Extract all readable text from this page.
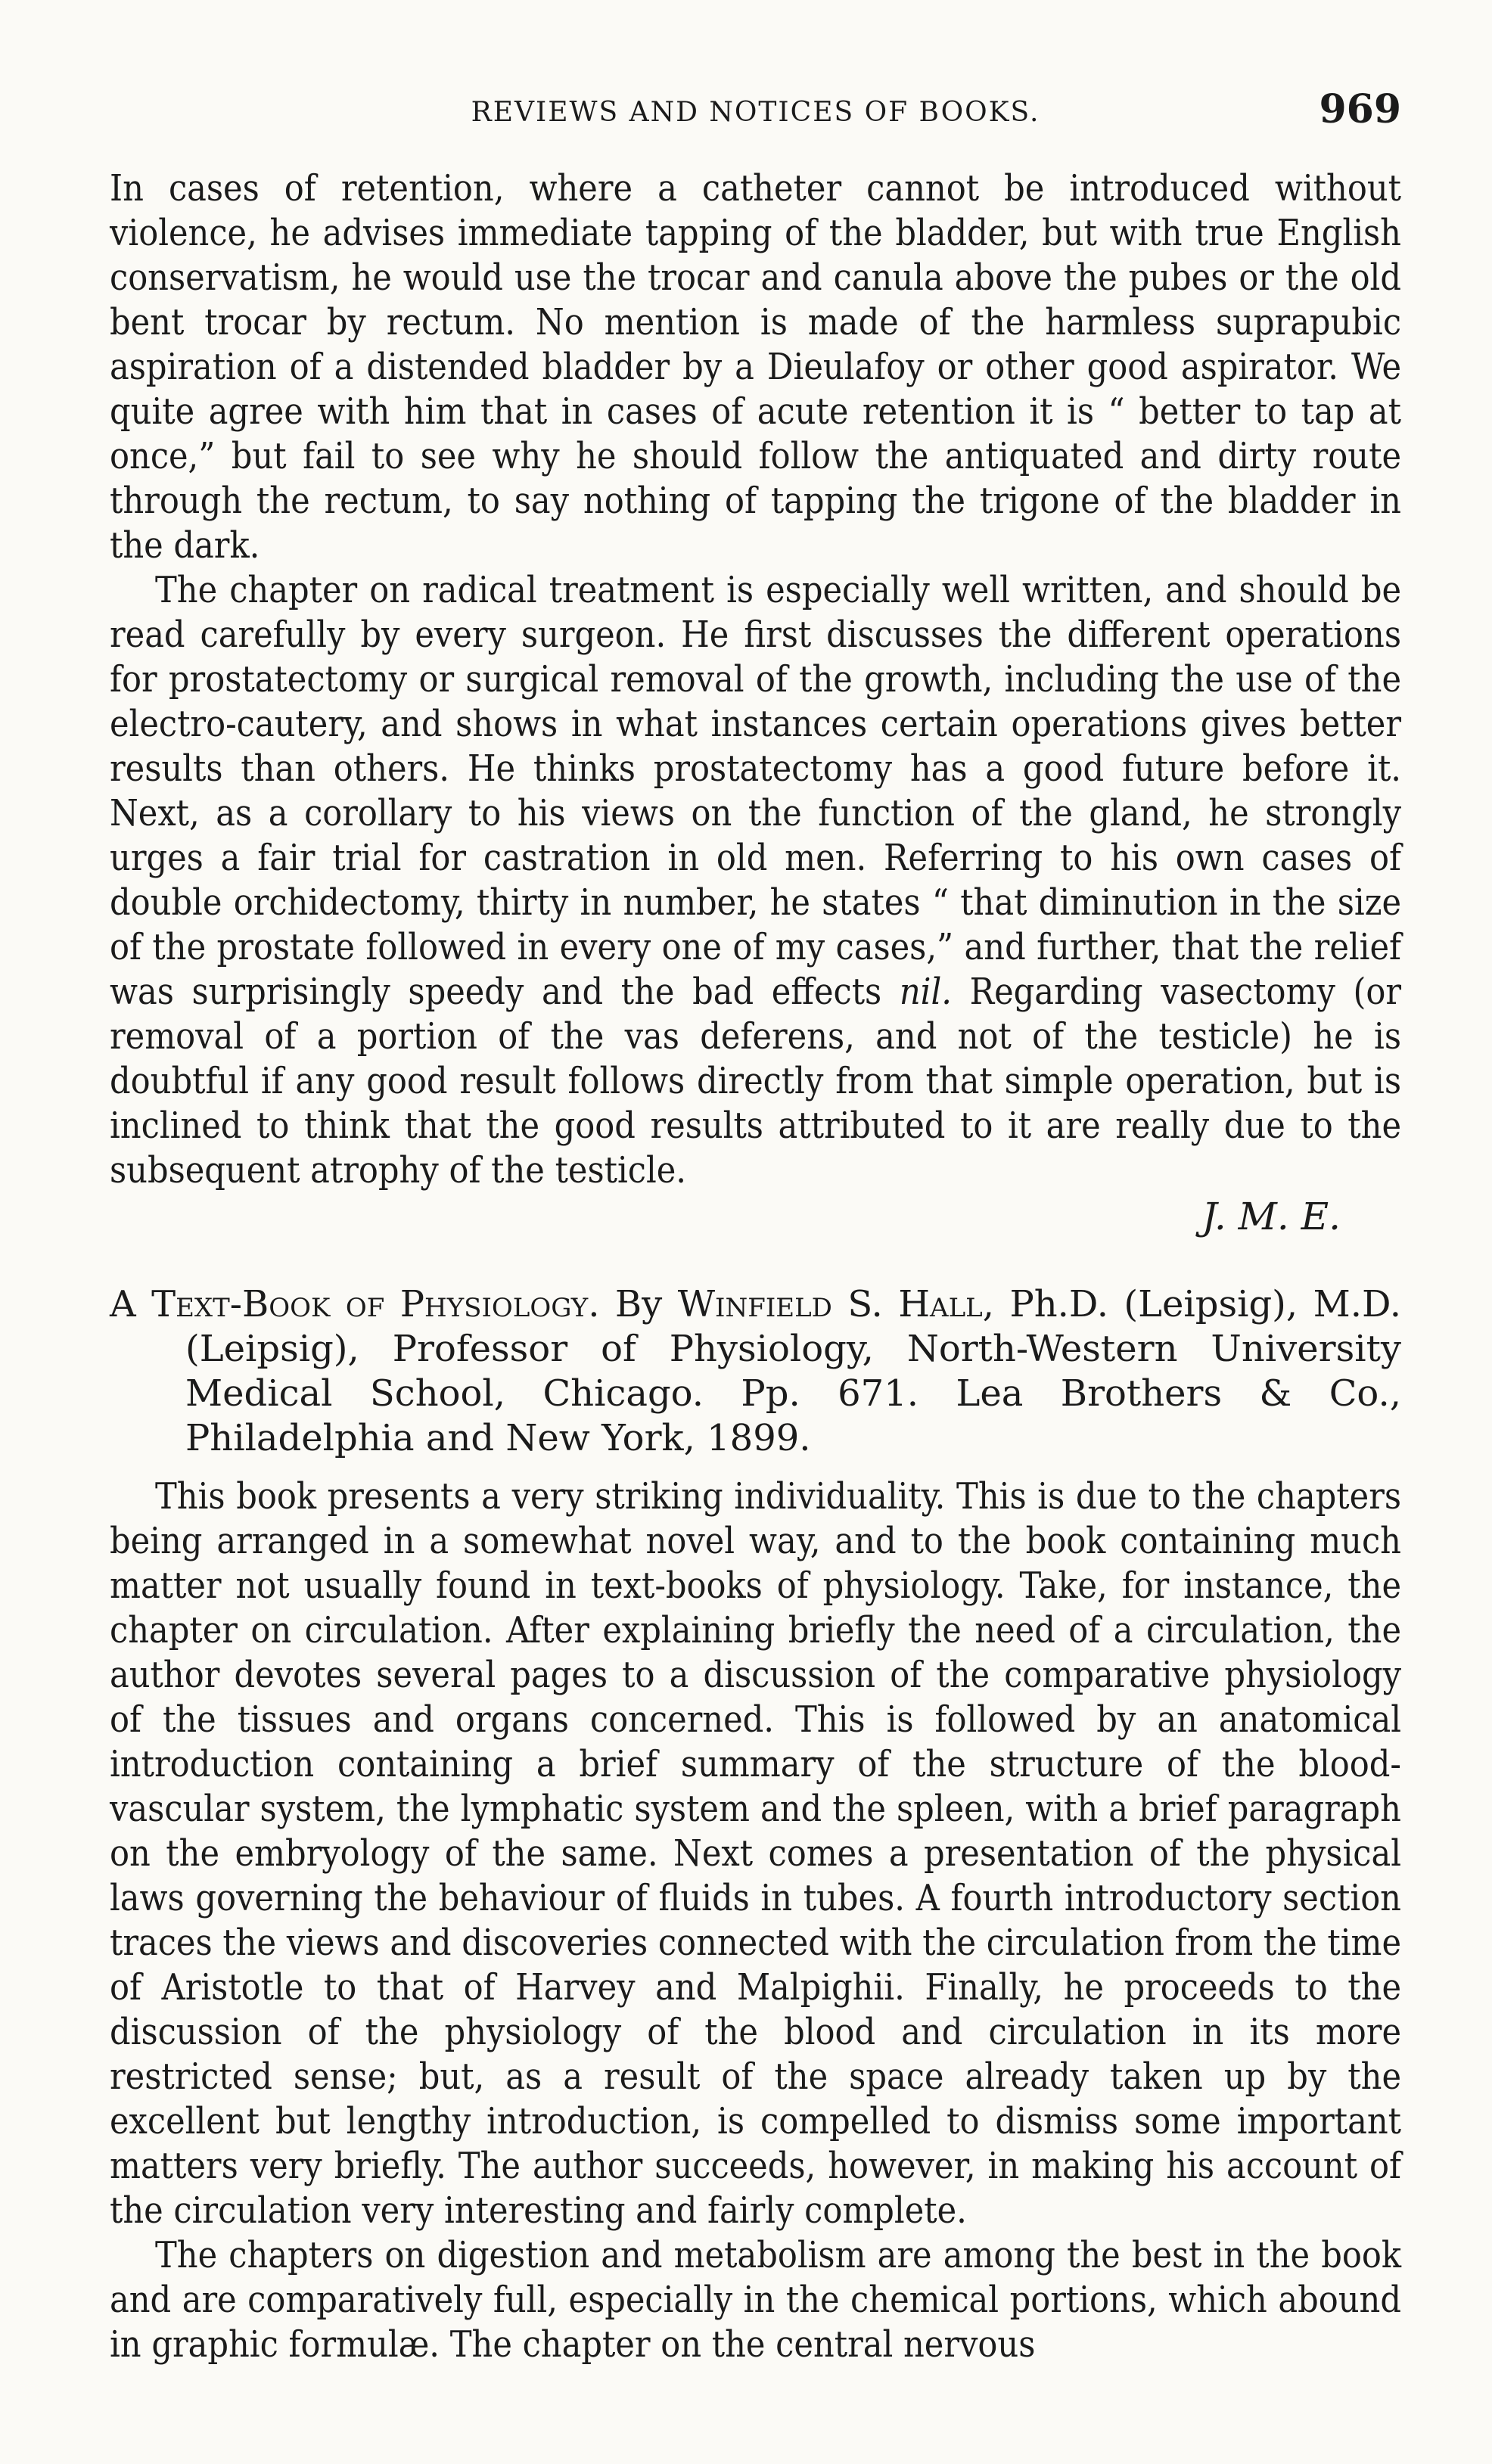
REVIEWS AND NOTICES OF BOOKS.	969

In cases of retention, where a catheter cannot be introduced without violence, he advises immediate tapping of the bladder, but with true English conservatism, he would use the trocar and canula above the pubes or the old bent trocar by rectum. No mention is made of the harmless suprapubic aspiration of a distended bladder by a Dieulafoy or other good aspirator. We quite agree with him that in cases of acute retention it is “ better to tap at once,” but fail to see why he should follow the antiquated and dirty route through the rectum, to say nothing of tapping the trigone of the bladder in the dark.

The chapter on radical treatment is especially well written, and should be read carefully by every surgeon. He first discusses the different operations for prostatectomy or surgical removal of the growth, including the use of the electro-cautery, and shows in what instances certain operations gives better results than others. He thinks prostatectomy has a good future before it. Next, as a corollary to his views on the function of the gland, he strongly urges a fair trial for castration in old men. Referring to his own cases of double orchidectomy, thirty in number, he states “ that diminution in the size of the prostate followed in every one of my cases,” and further, that the relief was surprisingly speedy and the bad effects nil. Regarding vasectomy (or removal of a portion of the vas deferens, and not of the testicle) he is doubtful if any good result follows directly from that simple operation, but is inclined to think that the good results attributed to it are really due to the subsequent atrophy of the testicle.

J. M. E.

A Text-Book of Physiology. By Winfield S. Hall, Ph.D. (Leipsig), M.D. (Leipsig), Professor of Physiology, North-Western University Medical School, Chicago. Pp. 671. Lea Brothers & Co., Philadelphia and New York, 1899.

This book presents a very striking individuality. This is due to the chapters being arranged in a somewhat novel way, and to the book containing much matter not usually found in text-books of physiology. Take, for instance, the chapter on circulation. After explaining briefly the need of a circulation, the author devotes several pages to a discussion of the comparative physiology of the tissues and organs concerned. This is followed by an anatomical introduction containing a brief summary of the structure of the blood-vascular system, the lymphatic system and the spleen, with a brief paragraph on the embryology of the same. Next comes a presentation of the physical laws governing the behaviour of fluids in tubes. A fourth introductory section traces the views and discoveries connected with the circulation from the time of Aristotle to that of Harvey and Malpighii. Finally, he proceeds to the discussion of the physiology of the blood and circulation in its more restricted sense; but, as a result of the space already taken up by the excellent but lengthy introduction, is compelled to dismiss some important matters very briefly. The author succeeds, however, in making his account of the circulation very interesting and fairly complete.

The chapters on digestion and metabolism are among the best in the book and are comparatively full, especially in the chemical portions, which abound in graphic formulæ. The chapter on the central nervous
